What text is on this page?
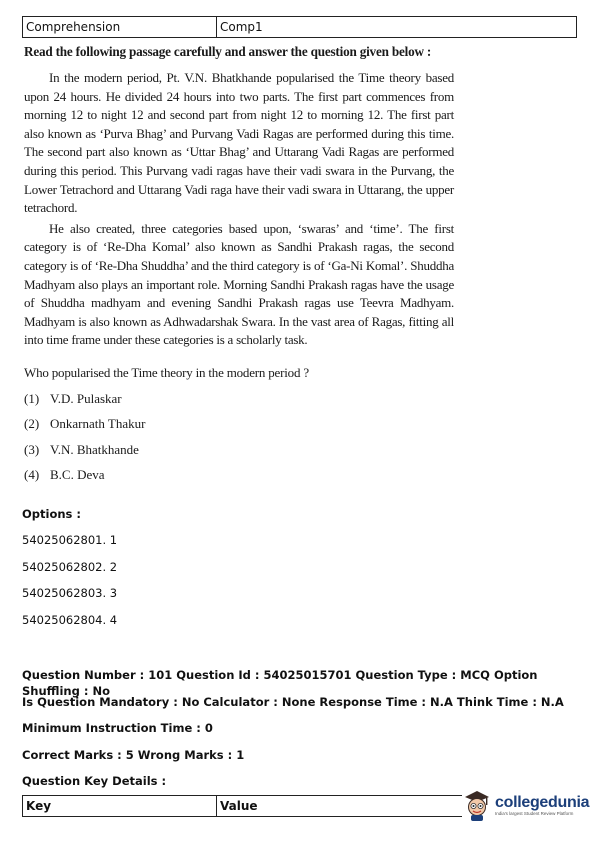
Comprehension	Comp1

Read the following passage carefully and answer the question given below :

In the modern period, Pt. V.N. Bhatkhande popularised the Time theory based upon 24 hours. He divided 24 hours into two parts. The first part commences from morning 12 to night 12 and second part from night 12 to morning 12. The first part also known as ‘Purva Bhag’ and Purvang Vadi Ragas are performed during this time. The second part also known as ‘Uttar Bhag’ and Uttarang Vadi Ragas are performed during this period. This Purvang vadi ragas have their vadi swara in the Purvang, the Lower Tetrachord and Uttarang Vadi raga have their vadi swara in Uttarang, the upper tetrachord.

He also created, three categories based upon, ‘swaras’ and ‘time’. The first category is of ‘Re-Dha Komal’ also known as Sandhi Prakash ragas, the second category is of ‘Re-Dha Shuddha’ and the third category is of ‘Ga-Ni Komal’. Shuddha Madhyam also plays an important role. Morning Sandhi Prakash ragas have the usage of Shuddha madhyam and evening Sandhi Prakash ragas use Teevra Madhyam. Madhyam is also known as Adhwadarshak Swara. In the vast area of Ragas, fitting all into time frame under these categories is a scholarly task.

Who popularised the Time theory in the modern period ?

(1) V.D. Pulaskar
(2) Onkarnath Thakur
(3) V.N. Bhatkhande
(4) B.C. Deva

Options :

54025062801. 1
54025062802. 2
54025062803. 3
54025062804. 4

Question Number : 101 Question Id : 54025015701 Question Type : MCQ Option Shuffling : No

Is Question Mandatory : No Calculator : None Response Time : N.A Think Time : N.A

Minimum Instruction Time : 0

Correct Marks : 5 Wrong Marks : 1

Question Key Details :

Key	Value	collegedunia
India's largest Student Review Platform
